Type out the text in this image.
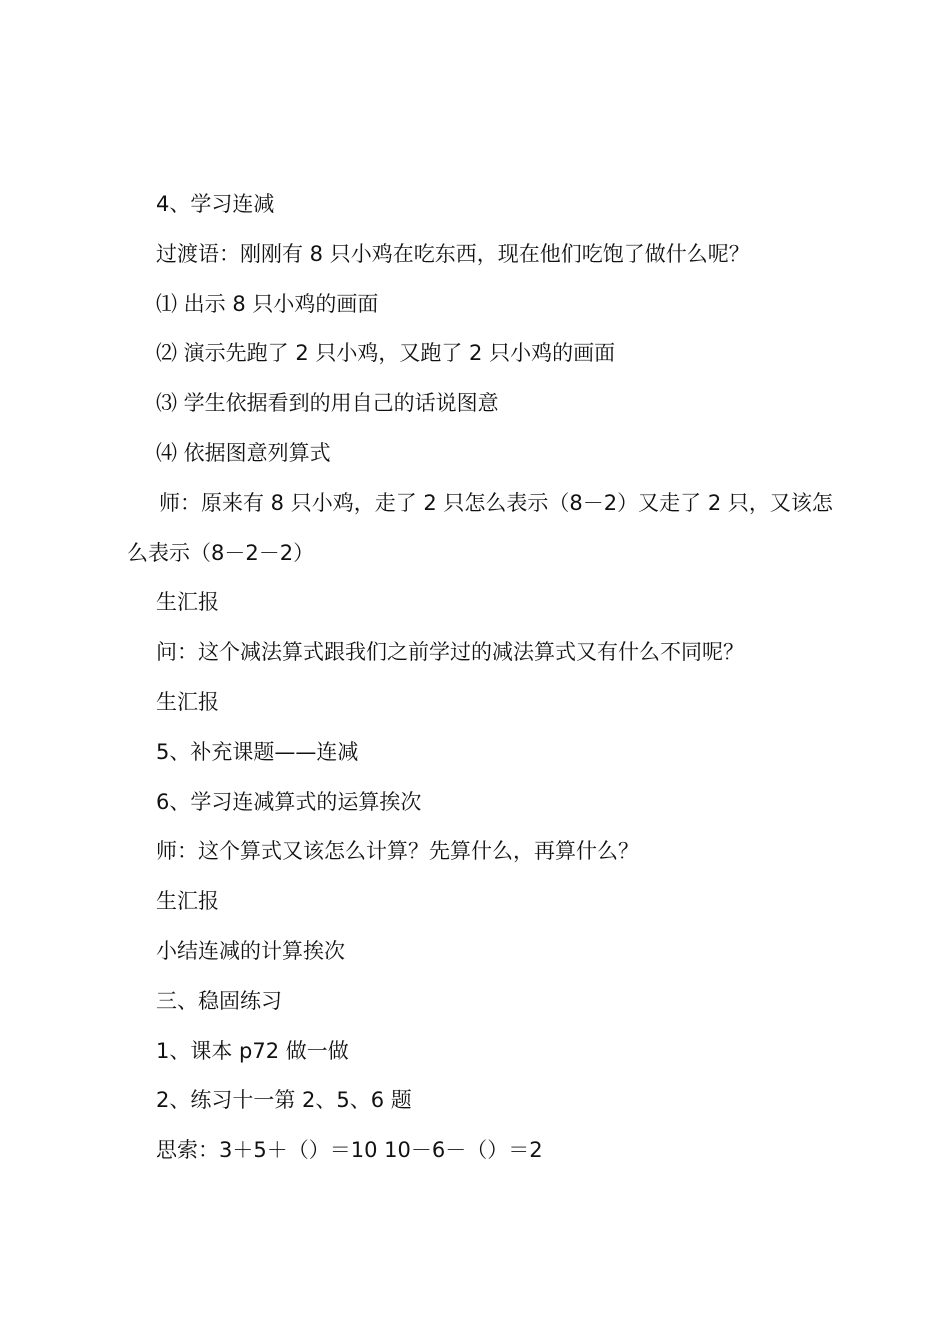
4、学习连减

过渡语：刚刚有 8 只小鸡在吃东西，现在他们吃饱了做什么呢？

⑴ 出示 8 只小鸡的画面

⑵ 演示先跑了 2 只小鸡，又跑了 2 只小鸡的画面

⑶ 学生依据看到的用自己的话说图意

⑷ 依据图意列算式

师：原来有 8 只小鸡，走了 2 只怎么表示（8－2）又走了 2 只，又该怎么表示（8－2－2）

生汇报

问：这个减法算式跟我们之前学过的减法算式又有什么不同呢？

生汇报

5、补充课题——连减

6、学习连减算式的运算挨次

师：这个算式又该怎么计算？先算什么，再算什么？

生汇报

小结连减的计算挨次

三、稳固练习

1、课本 p72 做一做

2、练习十一第 2、5、6 题

思索：3＋5＋（）＝10 10－6－（）＝2
